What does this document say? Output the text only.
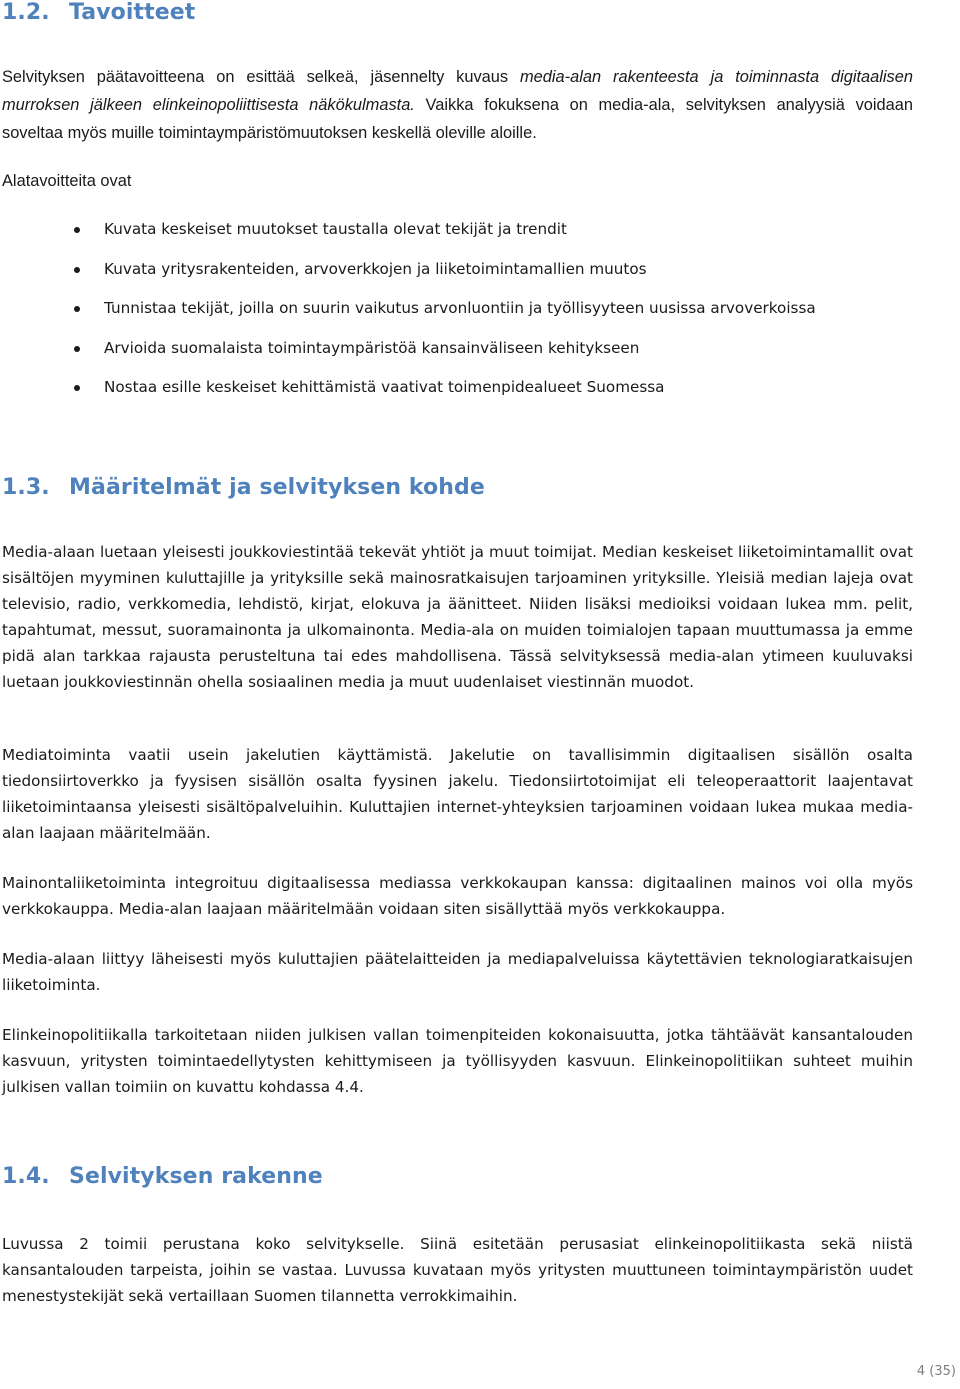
1.2. Tavoitteet

Selvityksen päätavoitteena on esittää selkeä, jäsennelty kuvaus media-alan rakenteesta ja toiminnasta digitaalisen murroksen jälkeen elinkeinopoliittisesta näkökulmasta. Vaikka fokuksena on media-ala, selvityksen analyysiä voidaan soveltaa myös muille toimintaympäristömuutoksen keskellä oleville aloille.

Alatavoitteita ovat

Kuvata keskeiset muutokset taustalla olevat tekijät ja trendit
Kuvata yritysrakenteiden, arvoverkkojen ja liiketoimintamallien muutos
Tunnistaa tekijät, joilla on suurin vaikutus arvonluontiin ja työllisyyteen uusissa arvoverkoissa
Arvioida suomalaista toimintaympäristöä kansainväliseen kehitykseen
Nostaa esille keskeiset kehittämistä vaativat toimenpidealueet Suomessa
1.3. Määritelmät ja selvityksen kohde

Media-alaan luetaan yleisesti joukkoviestintää tekevät yhtiöt ja muut toimijat. Median keskeiset liiketoimintamallit ovat sisältöjen myyminen kuluttajille ja yrityksille sekä mainosratkaisujen tarjoaminen yrityksille. Yleisiä median lajeja ovat televisio, radio, verkkomedia, lehdistö, kirjat, elokuva ja äänitteet. Niiden lisäksi medioiksi voidaan lukea mm. pelit, tapahtumat, messut, suoramainonta ja ulkomainonta. Media-ala on muiden toimialojen tapaan muuttumassa ja emme pidä alan tarkkaa rajausta perusteltuna tai edes mahdollisena. Tässä selvityksessä media-alan ytimeen kuuluvaksi luetaan joukkoviestinnän ohella sosiaalinen media ja muut uudenlaiset viestinnän muodot.

Mediatoiminta vaatii usein jakelutien käyttämistä. Jakelutie on tavallisimmin digitaalisen sisällön osalta tiedonsiirtoverkko ja fyysisen sisällön osalta fyysinen jakelu. Tiedonsiirtotoimijat eli teleoperaattorit laajentavat liiketoimintaansa yleisesti sisältöpalveluihin. Kuluttajien internet-yhteyksien tarjoaminen voidaan lukea mukaa media-alan laajaan määritelmään.

Mainontaliiketoiminta integroituu digitaalisessa mediassa verkkokaupan kanssa: digitaalinen mainos voi olla myös verkkokauppa. Media-alan laajaan määritelmään voidaan siten sisällyttää myös verkkokauppa.

Media-alaan liittyy läheisesti myös kuluttajien päätelaitteiden ja mediapalveluissa käytettävien teknologiaratkaisujen liiketoiminta.

Elinkeinopolitiikalla tarkoitetaan niiden julkisen vallan toimenpiteiden kokonaisuutta, jotka tähtäävät kansantalouden kasvuun, yritysten toimintaedellytysten kehittymiseen ja työllisyyden kasvuun. Elinkeinopolitiikan suhteet muihin julkisen vallan toimiin on kuvattu kohdassa 4.4.

1.4. Selvityksen rakenne

Luvussa 2 toimii perustana koko selvitykselle. Siinä esitetään perusasiat elinkeinopolitiikasta sekä niistä kansantalouden tarpeista, joihin se vastaa. Luvussa kuvataan myös yritysten muuttuneen toimintaympäristön uudet menestystekijät sekä vertaillaan Suomen tilannetta verrokkimaihin.

4 (35)
